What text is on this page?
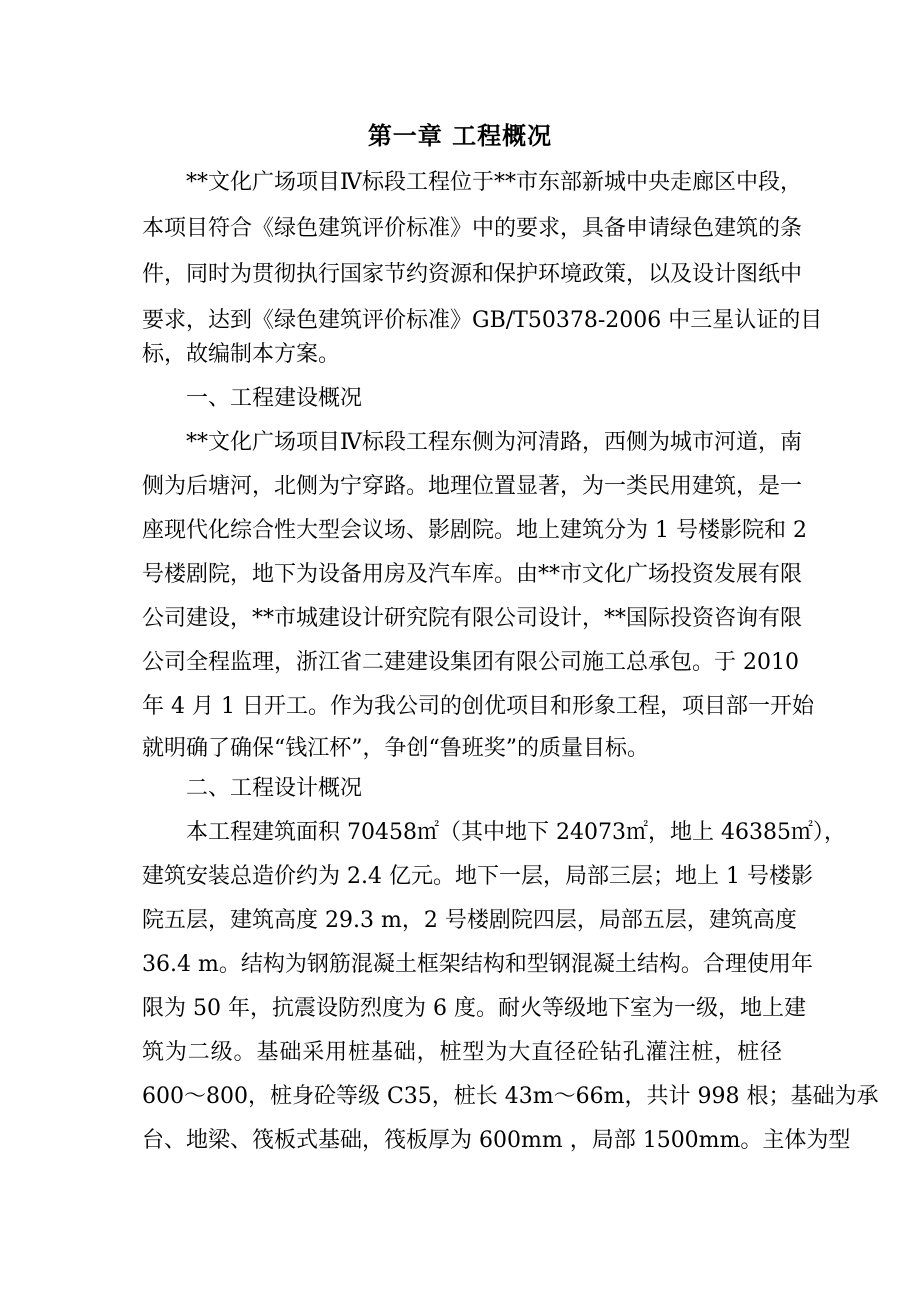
第一章 工程概况
**文化广场项目Ⅳ标段工程位于**市东部新城中央走廊区中段，
本项目符合《绿色建筑评价标准》中的要求，具备申请绿色建筑的条
件，同时为贯彻执行国家节约资源和保护环境政策，以及设计图纸中
要求，达到《绿色建筑评价标准》GB/T50378-2006 中三星认证的目
标，故编制本方案。
一、工程建设概况
**文化广场项目Ⅳ标段工程东侧为河清路，西侧为城市河道，南
侧为后塘河，北侧为宁穿路。地理位置显著，为一类民用建筑，是一
座现代化综合性大型会议场、影剧院。地上建筑分为 1 号楼影院和 2
号楼剧院，地下为设备用房及汽车库。由**市文化广场投资发展有限
公司建设，**市城建设计研究院有限公司设计，**国际投资咨询有限
公司全程监理，浙江省二建建设集团有限公司施工总承包。于 2010
年 4 月 1 日开工。作为我公司的创优项目和形象工程，项目部一开始
就明确了确保“钱江杯”，争创“鲁班奖”的质量目标。
二、工程设计概况
本工程建筑面积 70458㎡（其中地下 24073㎡，地上 46385㎡），
建筑安装总造价约为 2.4 亿元。地下一层，局部三层；地上 1 号楼影
院五层，建筑高度 29.3 m，2 号楼剧院四层，局部五层，建筑高度
36.4 m。结构为钢筋混凝土框架结构和型钢混凝土结构。合理使用年
限为 50 年，抗震设防烈度为 6 度。耐火等级地下室为一级，地上建
筑为二级。基础采用桩基础，桩型为大直径砼钻孔灌注桩，桩径
600～800，桩身砼等级 C35，桩长 43m～66m，共计 998 根；基础为承
台、地梁、筏板式基础，筏板厚为 600mm ，局部 1500mm。主体为型
